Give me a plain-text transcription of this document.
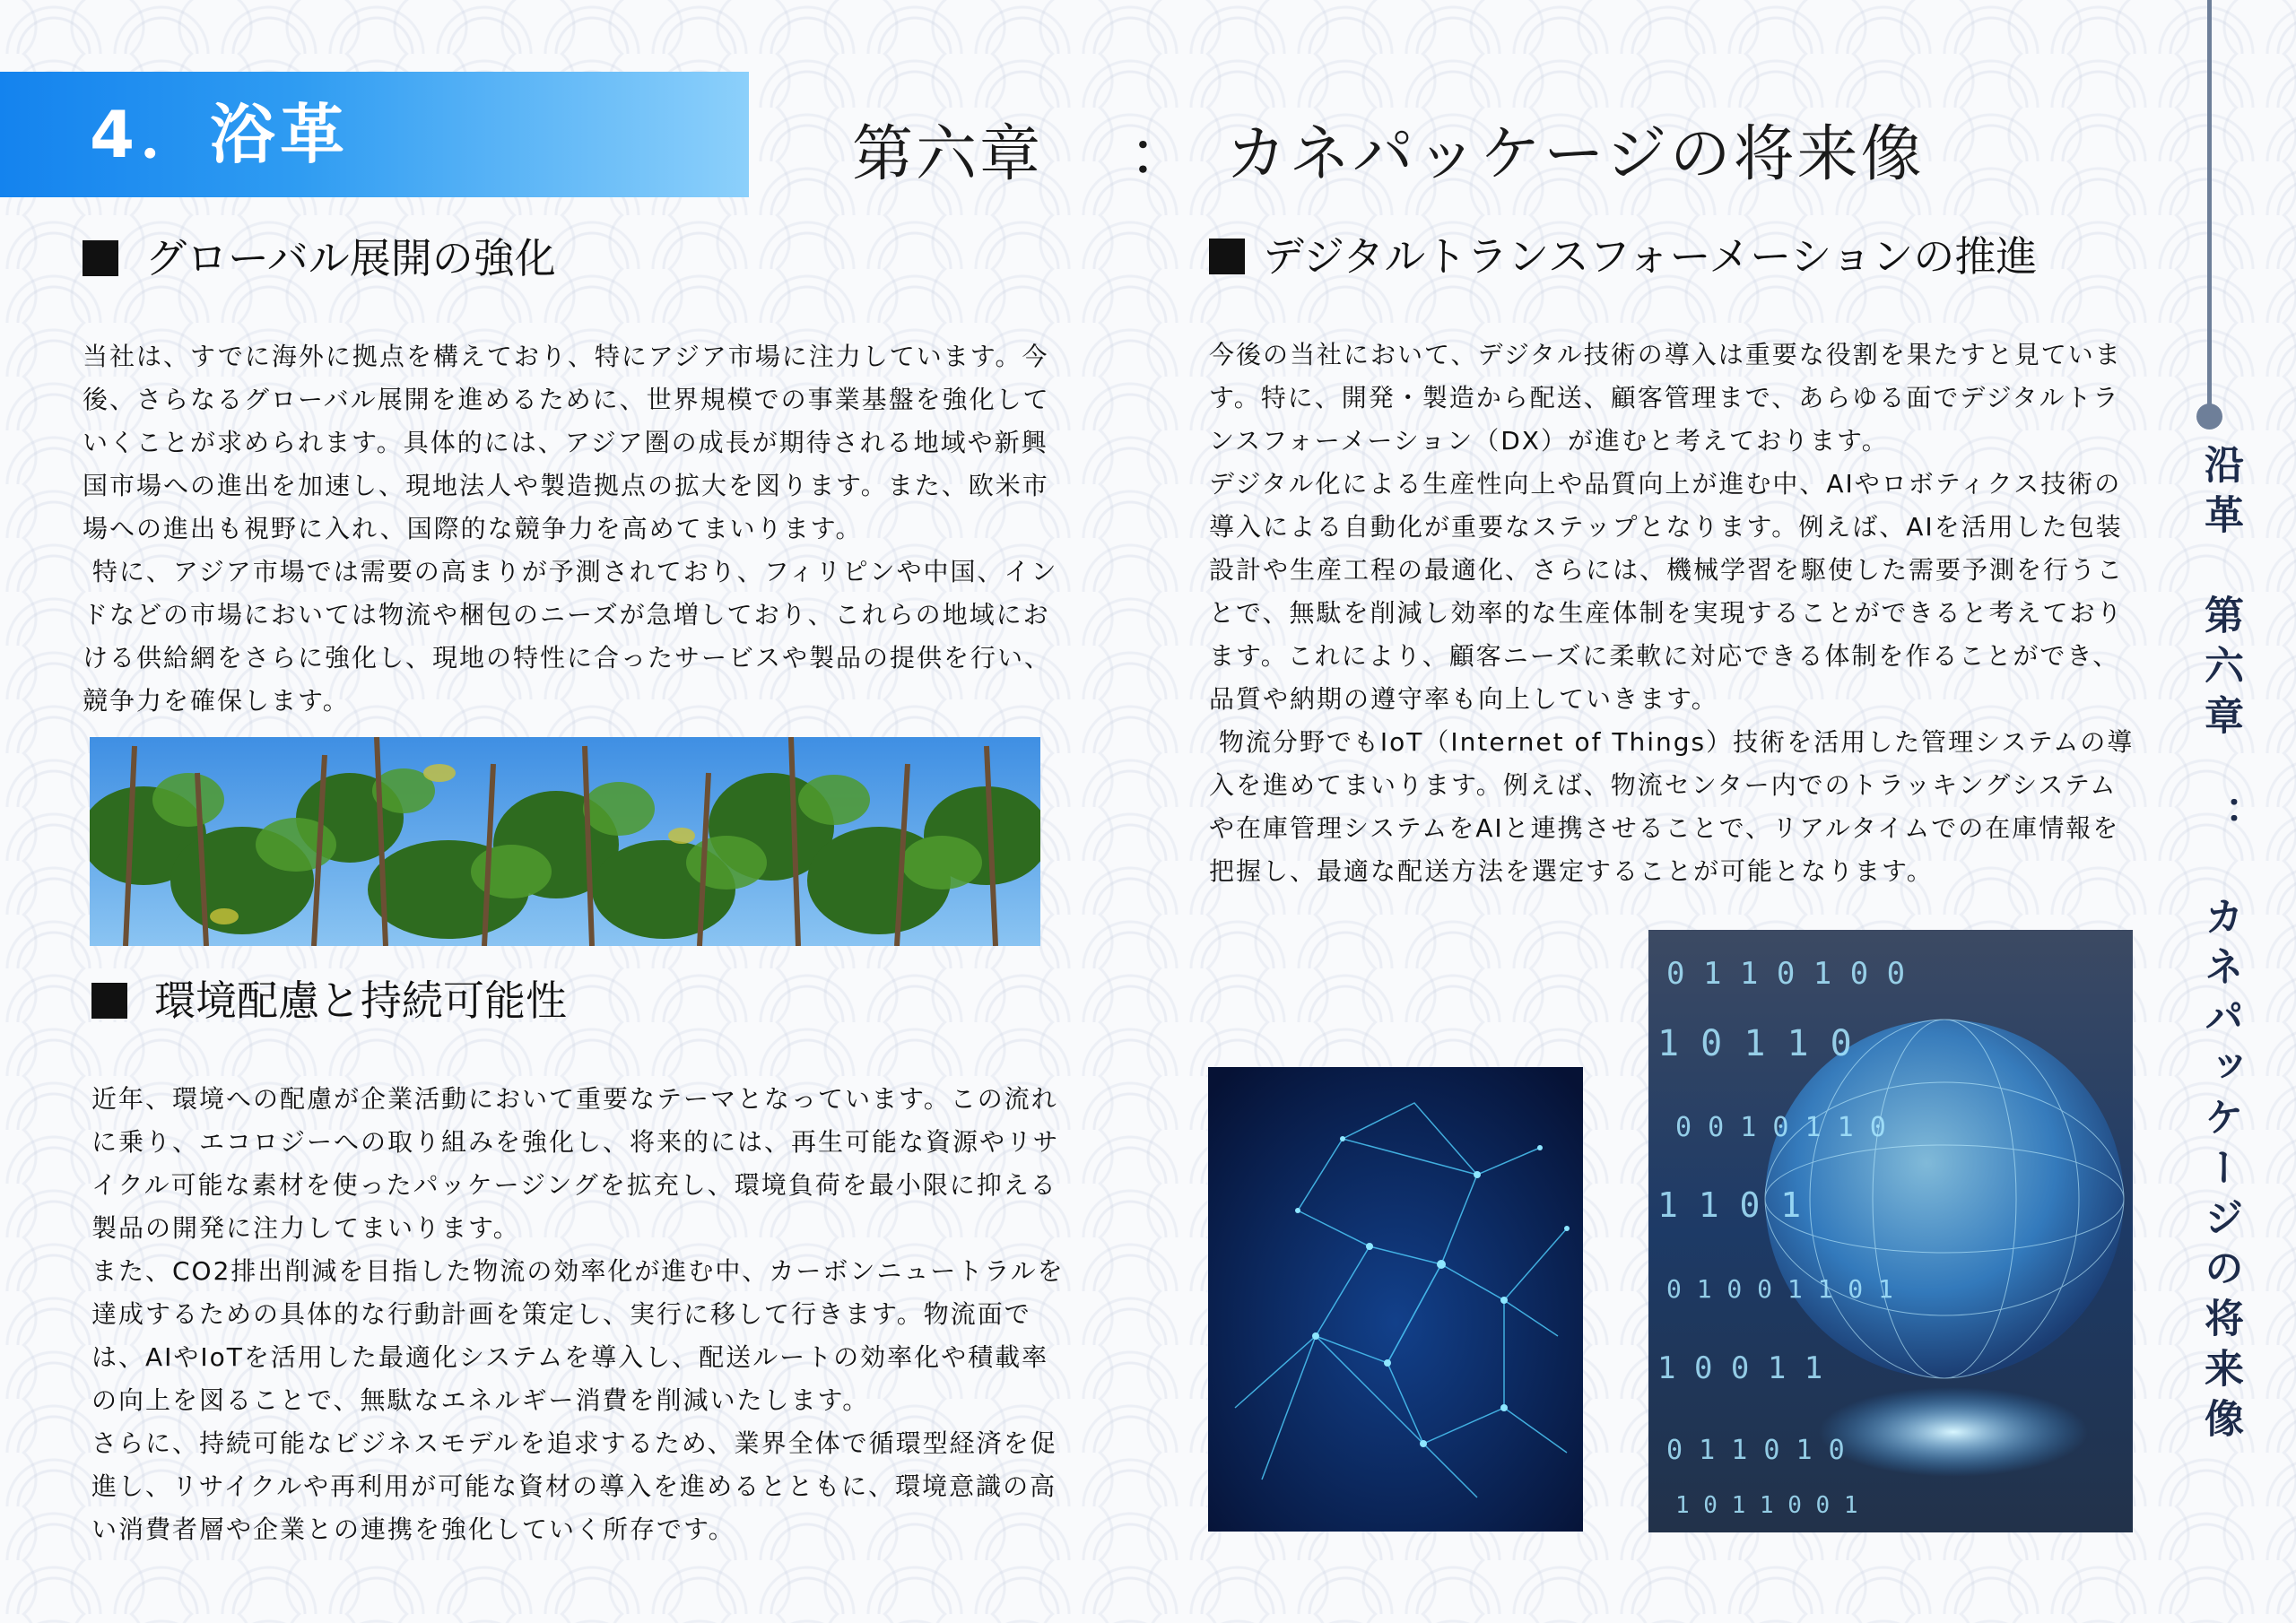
4．浴革	第六章　 ：　カネパッケージの将来像
グローバル展開の強化

当社は、すでに海外に拠点を構えており、特にアジア市場に注力しています。今後、さらなるグローバル展開を進めるために、世界規模での事業基盤を強化していくことが求められます。具体的には、アジア圏の成長が期待される地域や新興国市場への進出を加速し、現地法人や製造拠点の拡大を図ります。また、欧米市場への進出も視野に入れ、国際的な競争力を高めてまいります。

特に、アジア市場では需要の高まりが予測されており、フィリピンや中国、インドなどの市場においては物流や梱包のニーズが急増しており、これらの地域における供給網をさらに強化し、現地の特性に合ったサービスや製品の提供を行い、競争力を確保します。

環境配慮と持続可能性

近年、環境への配慮が企業活動において重要なテーマとなっています。この流れに乗り、エコロジーへの取り組みを強化し、将来的には、再生可能な資源やリサイクル可能な素材を使ったパッケージングを拡充し、環境負荷を最小限に抑える製品の開発に注力してまいります。

また、CO2排出削減を目指した物流の効率化が進む中、カーボンニュートラルを達成するための具体的な行動計画を策定し、実行に移して行きます。物流面では、AIやIoTを活用した最適化システムを導入し、配送ルートの効率化や積載率の向上を図ることで、無駄なエネルギー消費を削減いたします。

さらに、持続可能なビジネスモデルを追求するため、業界全体で循環型経済を促進し、リサイクルや再利用が可能な資材の導入を進めるとともに、環境意識の高い消費者層や企業との連携を強化していく所存です。

デジタルトランスフォーメーションの推進

今後の当社において、デジタル技術の導入は重要な役割を果たすと見ています。特に、開発・製造から配送、顧客管理まで、あらゆる面でデジタルトランスフォーメーション（DX）が進むと考えております。

デジタル化による生産性向上や品質向上が進む中、AIやロボティクス技術の導入による自動化が重要なステップとなります。例えば、AIを活用した包装設計や生産工程の最適化、さらには、機械学習を駆使した需要予測を行うことで、無駄を削減し効率的な生産体制を実現することができると考えております。これにより、顧客ニーズに柔軟に対応できる体制を作ることができ、品質や納期の遵守率も向上していきます。

物流分野でもIoT（Internet of Things）技術を活用した管理システムの導入を進めてまいります。例えば、物流センター内でのトラッキングシステムや在庫管理システムをAIと連携させることで、リアルタイムでの在庫情報を把握し、最適な配送方法を選定することが可能となります。

0 1 1 0 1 0 0
1 0 1 1 0
0 0 1 0 1 1 0
1 1 0 1
0 1 0 0 1 1 0 1
1 0 0 1 1
0 1 1 0 1 0
1 0 1 1 0 0 1
沿革　第六章　：　カネパッケージの将来像
